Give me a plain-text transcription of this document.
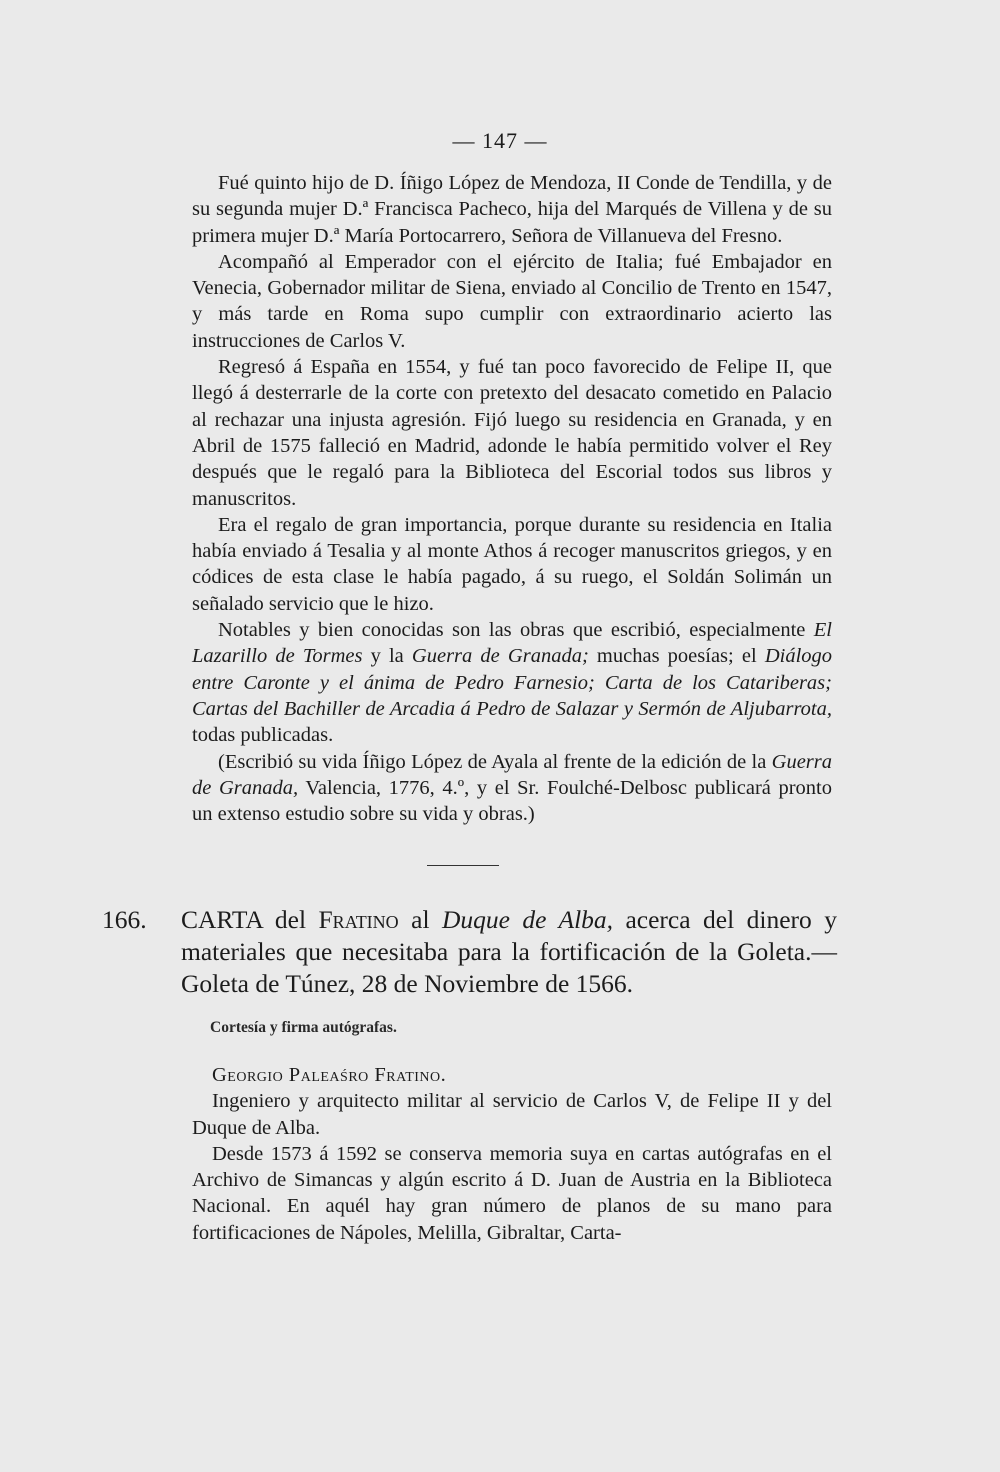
— 147 —

Fué quinto hijo de D. Íñigo López de Mendoza, II Conde de Tendilla, y de su segunda mujer D.ª Francisca Pacheco, hija del Marqués de Villena y de su primera mujer D.ª María Portocarrero, Señora de Villanueva del Fresno.

Acompañó al Emperador con el ejército de Italia; fué Embajador en Venecia, Gobernador militar de Siena, enviado al Concilio de Trento en 1547, y más tarde en Roma supo cumplir con extraordinario acierto las instrucciones de Carlos V.

Regresó á España en 1554, y fué tan poco favorecido de Felipe II, que llegó á desterrarle de la corte con pretexto del desacato cometido en Palacio al rechazar una injusta agresión. Fijó luego su residencia en Granada, y en Abril de 1575 falleció en Madrid, adonde le había permitido volver el Rey después que le regaló para la Biblioteca del Escorial todos sus libros y manuscritos.

Era el regalo de gran importancia, porque durante su residencia en Italia había enviado á Tesalia y al monte Athos á recoger manuscritos griegos, y en códices de esta clase le había pagado, á su ruego, el Soldán Solimán un señalado servicio que le hizo.

Notables y bien conocidas son las obras que escribió, especialmente El Lazarillo de Tormes y la Guerra de Granada; muchas poesías; el Diálogo entre Caronte y el ánima de Pedro Farnesio; Carta de los Catariberas; Cartas del Bachiller de Arcadia á Pedro de Salazar y Sermón de Aljubarrota, todas publicadas.

(Escribió su vida Íñigo López de Ayala al frente de la edición de la Guerra de Granada, Valencia, 1776, 4.º, y el Sr. Foulché-Delbosc publicará pronto un extenso estudio sobre su vida y obras.)

166. CARTA del Fratino al Duque de Alba, acerca del dinero y materiales que necesitaba para la fortificación de la Goleta.— Goleta de Túnez, 28 de Noviembre de 1566.
Cortesía y firma autógrafas.

Georgio Paleaśro Fratino.

Ingeniero y arquitecto militar al servicio de Carlos V, de Felipe II y del Duque de Alba.

Desde 1573 á 1592 se conserva memoria suya en cartas autógrafas en el Archivo de Simancas y algún escrito á D. Juan de Austria en la Biblioteca Nacional. En aquél hay gran número de planos de su mano para fortificaciones de Nápoles, Melilla, Gibraltar, Carta-
